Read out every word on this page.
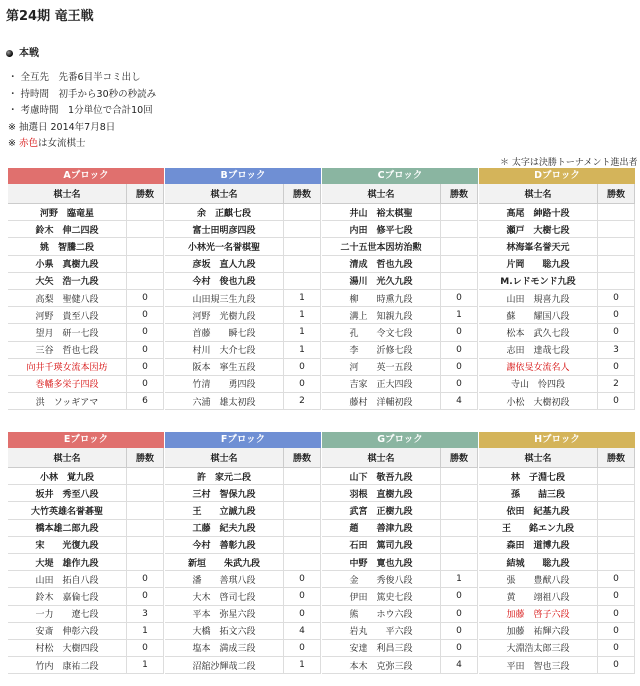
第24期 竜王戦
本戦
・ 全互先　先番6目半コミ出し
・ 持時間　初手から30秒の秒読み
・ 考慮時間　1分単位で合計10回
※ 抽選日 2014年7月8日
※ 赤色は女流棋士
＊ 太字は決勝トーナメント進出者
Aブロック
棋士名	勝数
河野　臨竜星	
鈴木　伸二四段	
姚　智騰二段	
小県　真樹九段	
大矢　浩一九段	
高梨　聖健八段	0
河野　貴至八段	0
望月　研一七段	0
三谷　哲也七段	0
向井千瑛女流本因坊	0
巻幡多栄子四段	0
洪　ソッギアマ	6
Bブロック
棋士名	勝数
余　正麒七段	
富士田明彦四段	
小林光一名誉棋聖	
彦坂　直人九段	
今村　俊也九段	
山田規三生九段	1
河野　光樹九段	1
首藤　　瞬七段	1
村川　大介七段	1
阪本　寧生五段	0
竹清　　勇四段	0
六浦　雄太初段	2
Cブロック
棋士名	勝数
井山　裕太棋聖	
内田　修平七段	
二十五世本因坊治勲	
清成　哲也九段	
湯川　光久九段	
柳　　時熏九段	0
溝上　知親九段	1
孔　　令文七段	0
李　　沂修七段	0
河　　英一五段	0
吉家　正大四段	0
藤村　洋輔初段	4
Dブロック
棋士名	勝数
高尾　紳路十段	
瀬戸　大樹七段	
林海峯名誉天元	
片岡　　聡九段	
M.レドモンド九段	
山田　規喜九段	0
蘇　　耀国八段	0
松本　武久七段	0
志田　達哉七段	3
謝依旻女流名人	0
寺山　怜四段	2
小松　大樹初段	0
Eブロック
棋士名	勝数
小林　覚九段	
坂井　秀至八段	
大竹英雄名誉碁聖	
橋本雄二郎九段	
宋　　光復九段	
大堤　雄作九段	
山田　拓自八段	0
鈴木　嘉倫七段	0
一力　　遼七段	3
安斎　伸彰六段	1
村松　大樹四段	0
竹内　康祐二段	1
Fブロック
棋士名	勝数
許　家元二段	
三村　智保九段	
王　　立誠九段	
工藤　紀夫九段	
今村　善彰九段	
新垣　　朱武九段	
潘　　善琪八段	0
大木　啓司七段	0
平本　弥星六段	0
大橋　拓文六段	4
塩本　満成三段	0
沼舘沙輝哉二段	1
Gブロック
棋士名	勝数
山下　敬吾九段	
羽根　直樹九段	
武宮　正樹九段	
趙　　善津九段	
石田　篤司九段	
中野　寛也九段	
金　　秀俊八段	1
伊田　篤史七段	0
熊　　ホウ六段	0
岩丸　　平六段	0
安達　利昌三段	0
本木　克弥三段	4
Hブロック
棋士名	勝数
林　子淵七段	
孫　　喆三段	
依田　紀基九段	
王　　銘エン九段	
森田　道博九段	
結城　　聡九段	
張　　豊猷八段	0
黄　　翊祖八段	0
加藤　啓子六段	0
加藤　祐輝六段	0
大淵浩太郎三段	0
平田　智也三段	0
